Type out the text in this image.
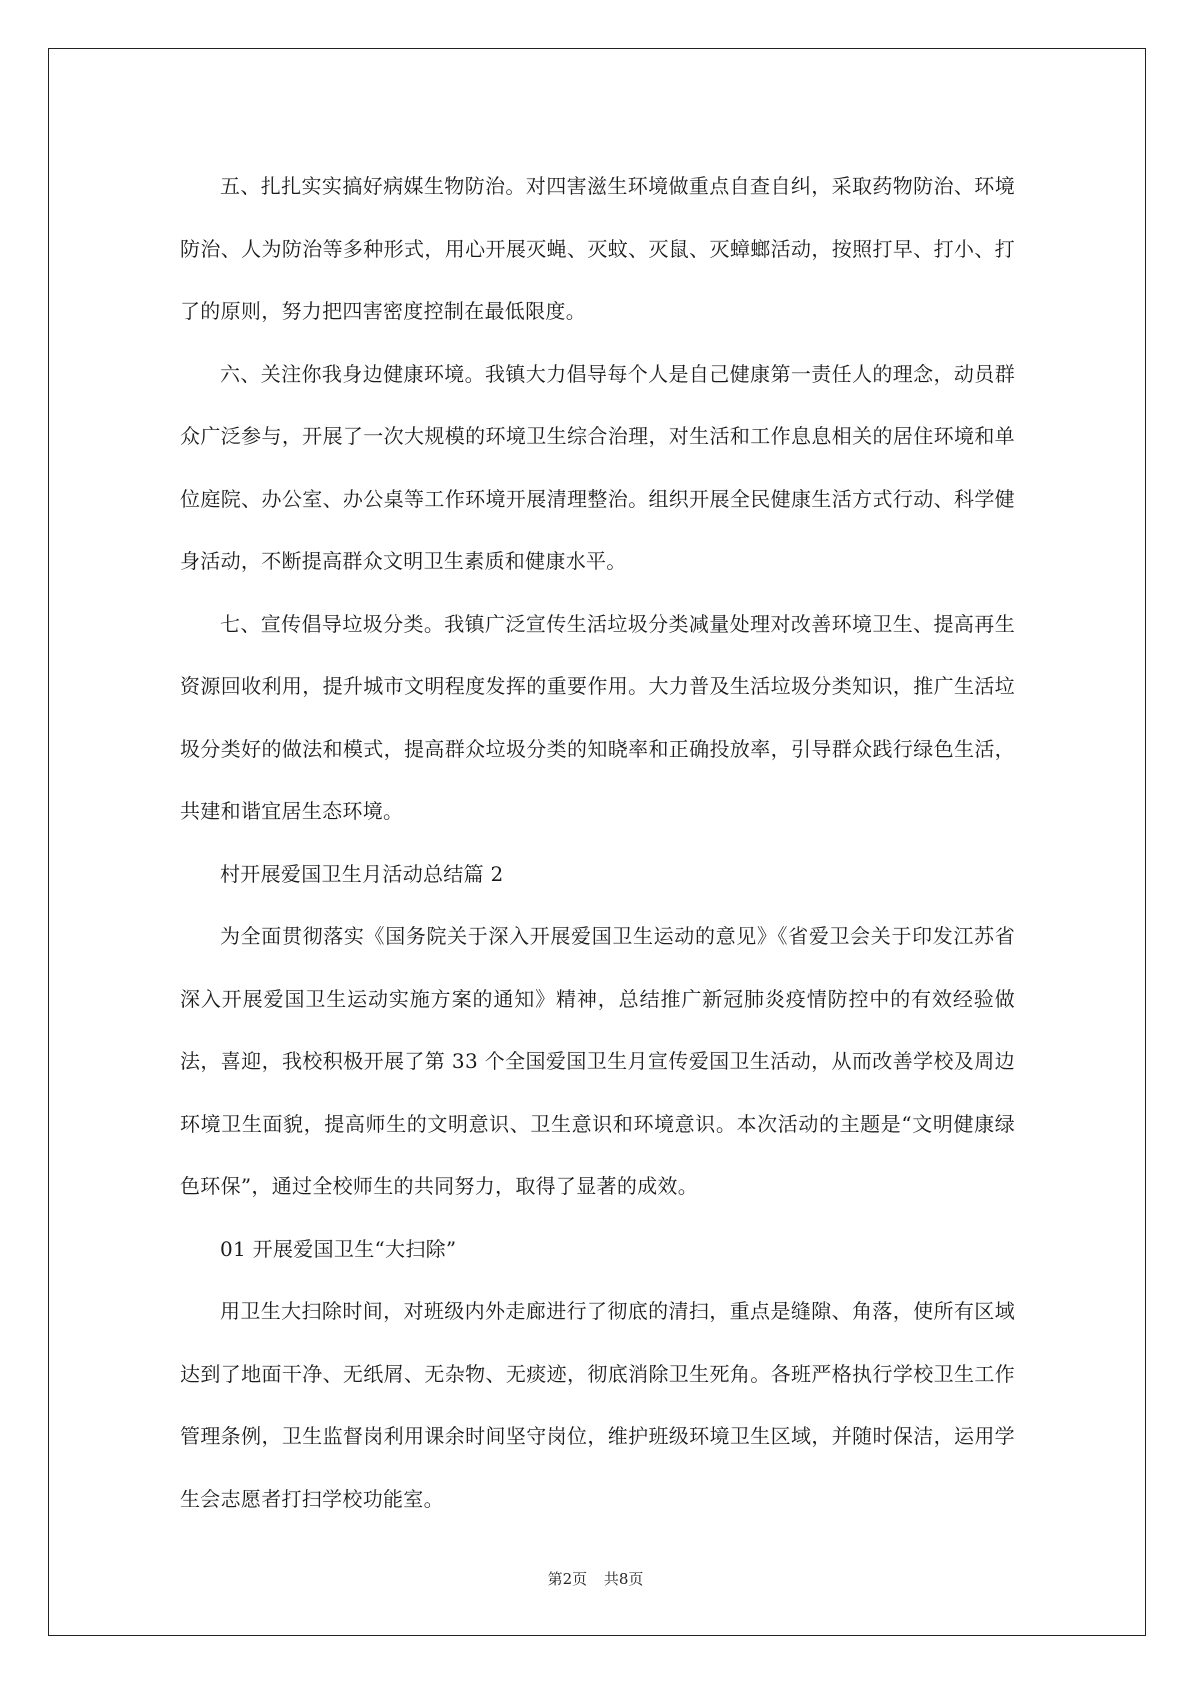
五、扎扎实实搞好病媒生物防治。对四害滋生环境做重点自查自纠，采取药物防治、环境防治、人为防治等多种形式，用心开展灭蝇、灭蚊、灭鼠、灭蟑螂活动，按照打早、打小、打了的原则，努力把四害密度控制在最低限度。

六、关注你我身边健康环境。我镇大力倡导每个人是自己健康第一责任人的理念，动员群众广泛参与，开展了一次大规模的环境卫生综合治理，对生活和工作息息相关的居住环境和单位庭院、办公室、办公桌等工作环境开展清理整治。组织开展全民健康生活方式行动、科学健身活动，不断提高群众文明卫生素质和健康水平。

七、宣传倡导垃圾分类。我镇广泛宣传生活垃圾分类减量处理对改善环境卫生、提高再生资源回收利用，提升城市文明程度发挥的重要作用。大力普及生活垃圾分类知识，推广生活垃圾分类好的做法和模式，提高群众垃圾分类的知晓率和正确投放率，引导群众践行绿色生活，共建和谐宜居生态环境。

村开展爱国卫生月活动总结篇 2

为全面贯彻落实《国务院关于深入开展爱国卫生运动的意见》《省爱卫会关于印发江苏省深入开展爱国卫生运动实施方案的通知》精神，总结推广新冠肺炎疫情防控中的有效经验做法，喜迎，我校积极开展了第 33 个全国爱国卫生月宣传爱国卫生活动，从而改善学校及周边环境卫生面貌，提高师生的文明意识、卫生意识和环境意识。本次活动的主题是“文明健康绿色环保”，通过全校师生的共同努力，取得了显著的成效。

01 开展爱国卫生“大扫除”

用卫生大扫除时间，对班级内外走廊进行了彻底的清扫，重点是缝隙、角落，使所有区域达到了地面干净、无纸屑、无杂物、无痰迹，彻底消除卫生死角。各班严格执行学校卫生工作管理条例，卫生监督岗利用课余时间坚守岗位，维护班级环境卫生区域，并随时保洁，运用学生会志愿者打扫学校功能室。

第2页 共8页
